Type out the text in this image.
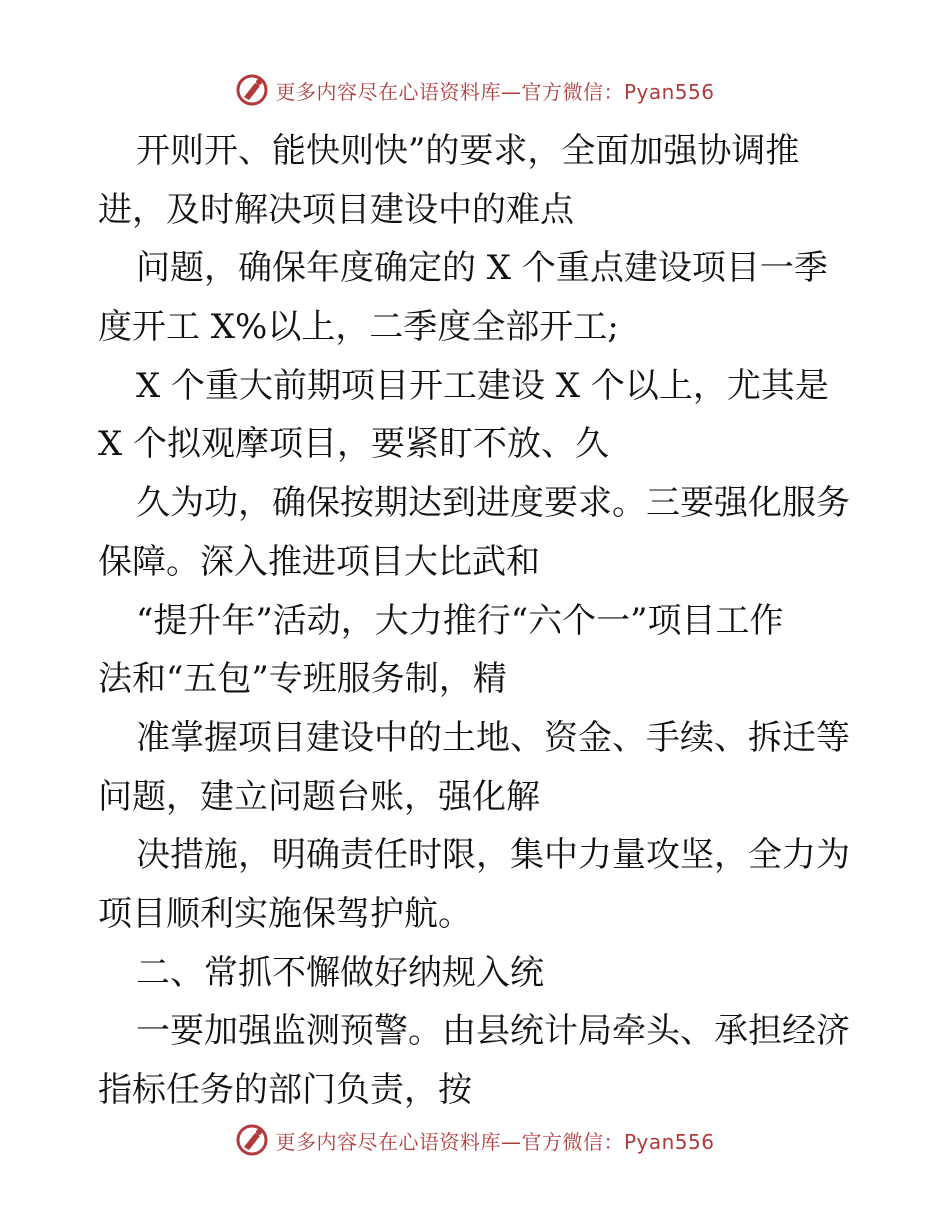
更多内容尽在心语资料库—官方微信：Pyan556
开则开、能快则快”的要求，全面加强协调推
进，及时解决项目建设中的难点
问题，确保年度确定的 X 个重点建设项目一季
度开工 X%以上，二季度全部开工;
X 个重大前期项目开工建设 X 个以上，尤其是
X 个拟观摩项目，要紧盯不放、久
久为功，确保按期达到进度要求。三要强化服务
保障。深入推进项目大比武和
“提升年”活动，大力推行“六个一”项目工作
法和“五包”专班服务制，精
准掌握项目建设中的土地、资金、手续、拆迁等
问题，建立问题台账，强化解
决措施，明确责任时限，集中力量攻坚，全力为
项目顺利实施保驾护航。
二、常抓不懈做好纳规入统
一要加强监测预警。由县统计局牵头、承担经济
指标任务的部门负责，按
更多内容尽在心语资料库—官方微信：Pyan556
